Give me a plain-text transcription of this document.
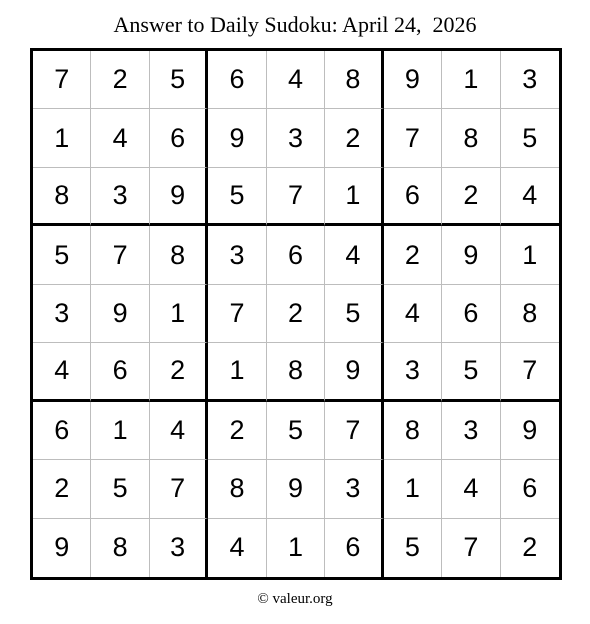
Answer to Daily Sudoku: April 24,  2026
7	2	5	6	4	8	9	1	3
1	4	6	9	3	2	7	8	5
8	3	9	5	7	1	6	2	4
5	7	8	3	6	4	2	9	1
3	9	1	7	2	5	4	6	8
4	6	2	1	8	9	3	5	7
6	1	4	2	5	7	8	3	9
2	5	7	8	9	3	1	4	6
9	8	3	4	1	6	5	7	2
© valeur.org
